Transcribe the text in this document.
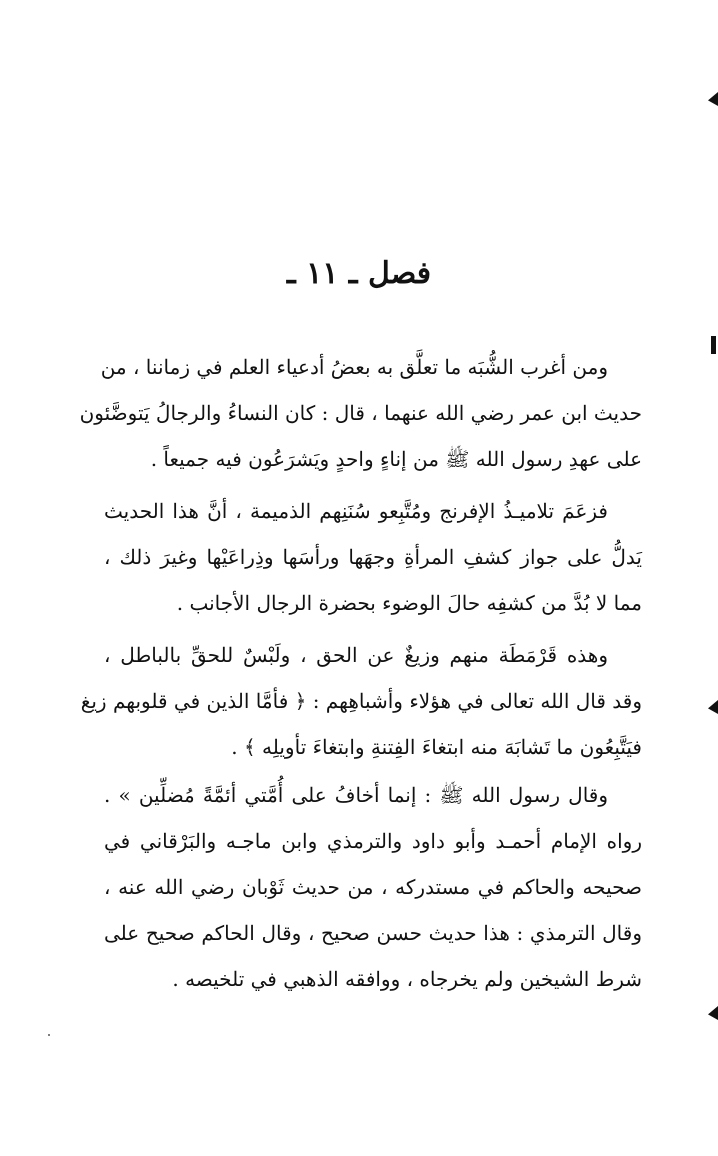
فصل ـ ١١ ـ
ومن أغرب الشُّبَه ما تعلَّق به بعضُ أدعياء العلم في زماننا ، من
حديث ابن عمر رضي الله عنهما ، قال : كان النساءُ والرجالُ يَتوضَّئون
على عهدِ رسول الله ﷺ من إناءٍ واحدٍ ويَشرَعُون فيه جميعاً .
فزعَمَ تلاميـذُ الإفرنج ومُتَّبِعو سُنَنِهم الذميمة ، أنَّ هذا الحديث
يَدلُّ على جواز كشفِ المرأةِ وجهَها ورأسَها وذِراعَيْها وغيرَ ذلك ،
مما لا بُدَّ من كشفِه حالَ الوضوء بحضرة الرجال الأجانب .
وهذه قَرْمَطَة منهم وزيغٌ عن الحق ، ولَبْسٌ للحقِّ بالباطل ،
وقد قال الله تعالى في هؤلاء وأشباهِهم : ﴿ فأمَّا الذين في قلوبهم زيغ
فيَتَّبِعُون ما تَشابَهَ منه ابتغاءَ الفِتنةِ وابتغاءَ تأويلِه ﴾ .
وقال رسول الله ﷺ : إنما أخافُ على أُمَّتي أئمَّةً مُضلِّين » .
رواه الإمام أحمـد وأبو داود والترمذي وابن ماجـه والبَرْقاني في
صحيحه والحاكم في مستدركه ، من حديث ثَوْبان رضي الله عنه ،
وقال الترمذي : هذا حديث حسن صحيح ، وقال الحاكم صحيح على
شرط الشيخين ولم يخرجاه ، ووافقه الذهبي في تلخيصه .
